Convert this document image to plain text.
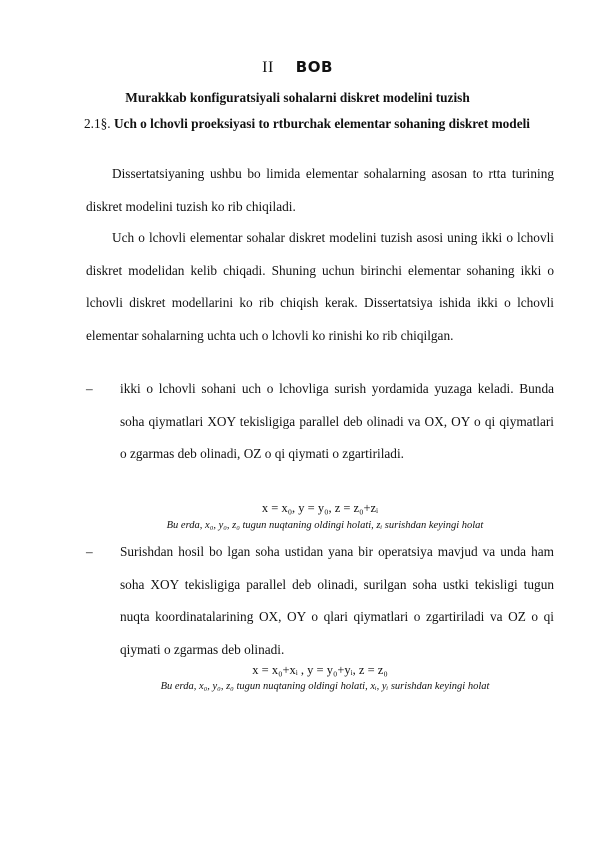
II BOB
Murakkab konfiguratsiyali sohalarni diskret modelini tuzish
2.1§. Uch o lchovli proeksiyasi to rtburchak elementar sohaning diskret modeli

Dissertatsiyaning ushbu bo limida elementar sohalarning asosan to rtta turining diskret modelini tuzish ko rib chiqiladi.

Uch o lchovli elementar sohalar diskret modelini tuzish asosi uning ikki o lchovli diskret modelidan kelib chiqadi. Shuning uchun birinchi elementar sohaning ikki o lchovli diskret modellarini ko rib chiqish kerak. Dissertatsiya ishida ikki o lchovli elementar sohalarning uchta uch o lchovli ko rinishi ko rib chiqilgan.

–	ikki o lchovli sohani uch o lchovliga surish yordamida yuzaga keladi. Bunda soha qiymatlari XOY tekisligiga parallel deb olinadi va OX, OY o qi qiymatlari o zgarmas deb olinadi, OZ o qi qiymati o zgartiriladi.

x = x₀, y = y₀, z = z₀+zᵢ
Bu erda, x₀, y₀, z₀ tugun nuqtaning oldingi holati, zᵢ surishdan keyingi holat
–	Surishdan hosil bo lgan soha ustidan yana bir operatsiya mavjud va unda ham soha XOY tekisligiga parallel deb olinadi, surilgan soha ustki tekisligi tugun nuqta koordinatalarining OX, OY o qlari qiymatlari o zgartiriladi va OZ o qi qiymati o zgarmas deb olinadi.

x = x₀+xᵢ , y = y₀+yᵢ, z = z₀
Bu erda, x₀, y₀, z₀ tugun nuqtaning oldingi holati, xᵢ, yᵢ surishdan keyingi holat
